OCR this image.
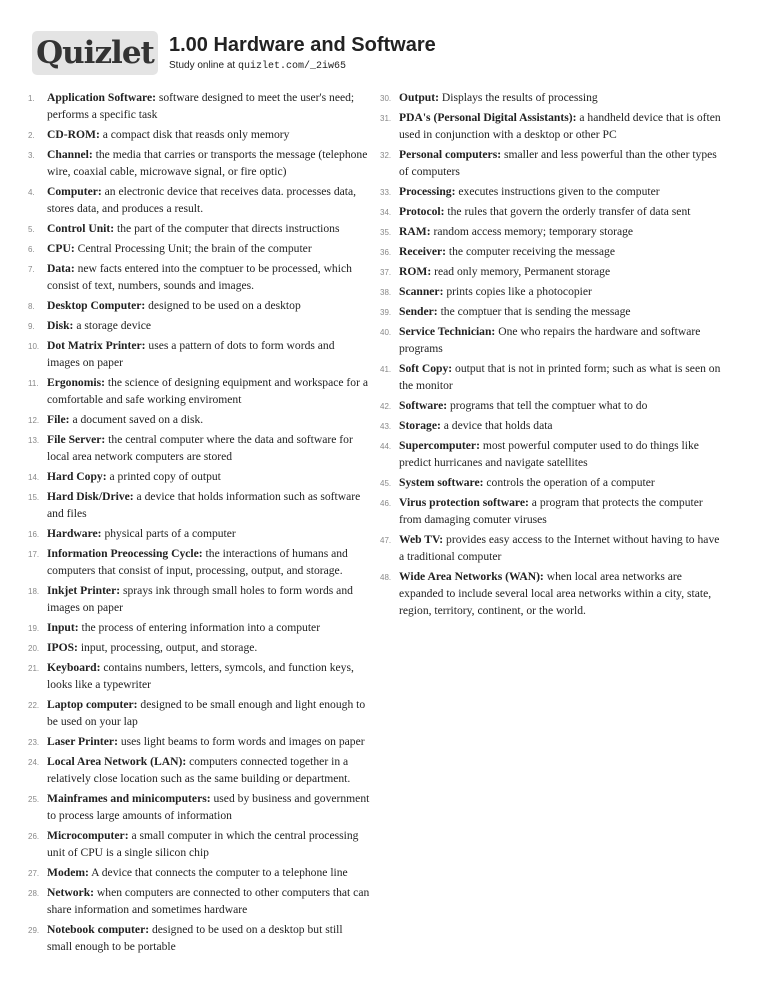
Quizlet 1.00 Hardware and Software
Study online at quizlet.com/_2iw65
1. Application Software: software designed to meet the user's need; performs a specific task
2. CD-ROM: a compact disk that reasds only memory
3. Channel: the media that carries or transports the message (telephone wire, coaxial cable, microwave signal, or fire optic)
4. Computer: an electronic device that receives data. processes data, stores data, and produces a result.
5. Control Unit: the part of the computer that directs instructions
6. CPU: Central Processing Unit; the brain of the computer
7. Data: new facts entered into the comptuer to be processed, which consist of text, numbers, sounds and images.
8. Desktop Computer: designed to be used on a desktop
9. Disk: a storage device
10. Dot Matrix Printer: uses a pattern of dots to form words and images on paper
11. Ergonomis: the science of designing equipment and workspace for a comfortable and safe working enviroment
12. File: a document saved on a disk.
13. File Server: the central computer where the data and software for local area network computers are stored
14. Hard Copy: a printed copy of output
15. Hard Disk/Drive: a device that holds information such as software and files
16. Hardware: physical parts of a computer
17. Information Preocessing Cycle: the interactions of humans and computers that consist of input, processing, output, and storage.
18. Inkjet Printer: sprays ink through small holes to form words and images on paper
19. Input: the process of entering information into a computer
20. IPOS: input, processing, output, and storage.
21. Keyboard: contains numbers, letters, symcols, and function keys, looks like a typewriter
22. Laptop computer: designed to be small enough and light enough to be used on your lap
23. Laser Printer: uses light beams to form words and images on paper
24. Local Area Network (LAN): computers connected together in a relatively close location such as the same building or department.
25. Mainframes and minicomputers: used by business and government to process large amounts of information
26. Microcomputer: a small computer in which the central processing unit of CPU is a single silicon chip
27. Modem: A device that connects the computer to a telephone line
28. Network: when computers are connected to other computers that can share information and sometimes hardware
29. Notebook computer: designed to be used on a desktop but still small enough to be portable
30. Output: Displays the results of processing
31. PDA's (Personal Digital Assistants): a handheld device that is often used in conjunction with a desktop or other PC
32. Personal computers: smaller and less powerful than the other types of computers
33. Processing: executes instructions given to the computer
34. Protocol: the rules that govern the orderly transfer of data sent
35. RAM: random access memory; temporary storage
36. Receiver: the computer receiving the message
37. ROM: read only memory, Permanent storage
38. Scanner: prints copies like a photocopier
39. Sender: the comptuer that is sending the message
40. Service Technician: One who repairs the hardware and software programs
41. Soft Copy: output that is not in printed form; such as what is seen on the monitor
42. Software: programs that tell the comptuer what to do
43. Storage: a device that holds data
44. Supercomputer: most powerful computer used to do things like predict hurricanes and navigate satellites
45. System software: controls the operation of a computer
46. Virus protection software: a program that protects the computer from damaging comuter viruses
47. Web TV: provides easy access to the Internet without having to have a traditional computer
48. Wide Area Networks (WAN): when local area networks are expanded to include several local area networks within a city, state, region, territory, continent, or the world.
